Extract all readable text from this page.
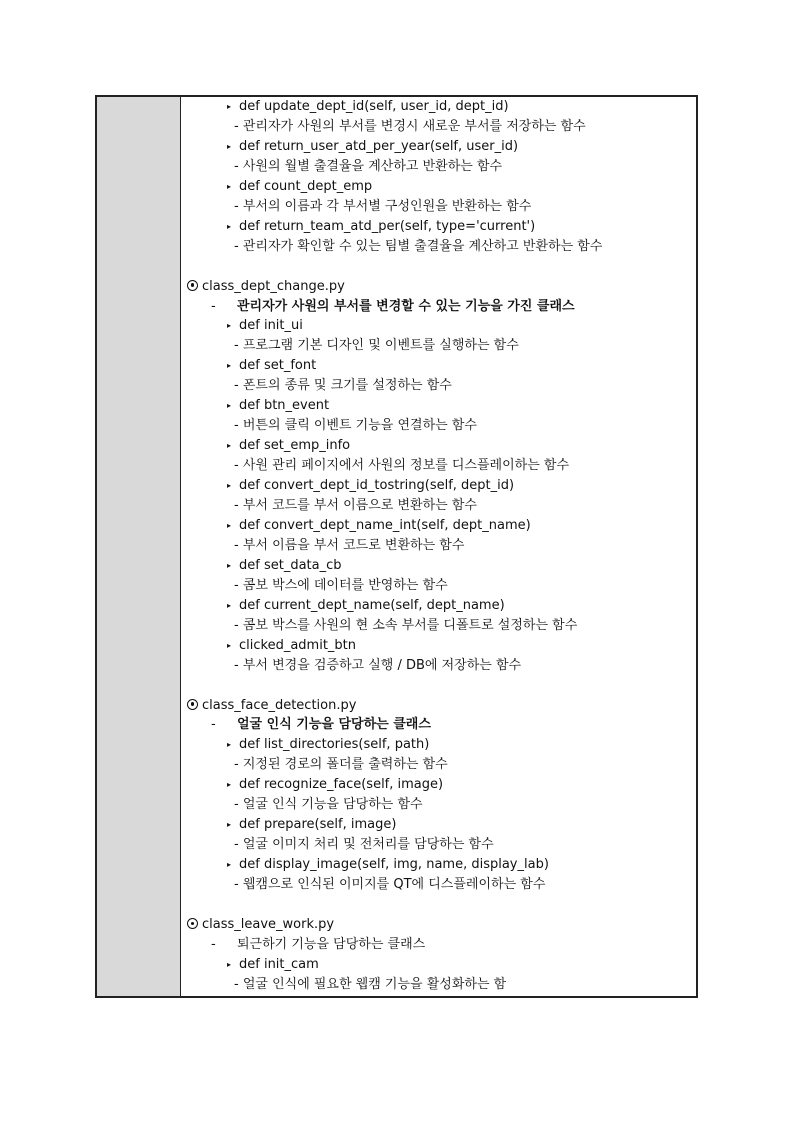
▸ def update_dept_id(self, user_id, dept_id)
- 관리자가 사원의 부서를 변경시 새로운 부서를 저장하는 함수
▸ def return_user_atd_per_year(self, user_id)
- 사원의 월별 출결율을 계산하고 반환하는 함수
▸ def count_dept_emp
- 부서의 이름과 각 부서별 구성인원을 반환하는 함수
▸ def return_team_atd_per(self, type='current')
- 관리자가 확인할 수 있는 팀별 출결율을 계산하고 반환하는 함수
class_dept_change.py
- 관리자가 사원의 부서를 변경할 수 있는 기능을 가진 클래스
▸ def init_ui
- 프로그램 기본 디자인 및 이벤트를 실행하는 함수
▸ def set_font
- 폰트의 종류 및 크기를 설정하는 함수
▸ def btn_event
- 버튼의 클릭 이벤트 기능을 연결하는 함수
▸ def set_emp_info
- 사원 관리 페이지에서 사원의 정보를 디스플레이하는 함수
▸ def convert_dept_id_tostring(self, dept_id)
- 부서 코드를 부서 이름으로 변환하는 함수
▸ def convert_dept_name_int(self, dept_name)
- 부서 이름을 부서 코드로 변환하는 함수
▸ def set_data_cb
- 콤보 박스에 데이터를 반영하는 함수
▸ def current_dept_name(self, dept_name)
- 콤보 박스를 사원의 현 소속 부서를 디폴트로 설정하는 함수
▸ clicked_admit_btn
- 부서 변경을 검증하고 실행 / DB에 저장하는 함수
class_face_detection.py
- 얼굴 인식 기능을 담당하는 클래스
▸ def list_directories(self, path)
- 지정된 경로의 폴더를 출력하는 함수
▸ def recognize_face(self, image)
- 얼굴 인식 기능을 담당하는 함수
▸ def prepare(self, image)
- 얼굴 이미지 처리 및 전처리를 담당하는 함수
▸ def display_image(self, img, name, display_lab)
- 웹캠으로 인식된 이미지를 QT에 디스플레이하는 함수
class_leave_work.py
- 퇴근하기 기능을 담당하는 클래스
▸ def init_cam
- 얼굴 인식에 필요한 웹캠 기능을 활성화하는 함
